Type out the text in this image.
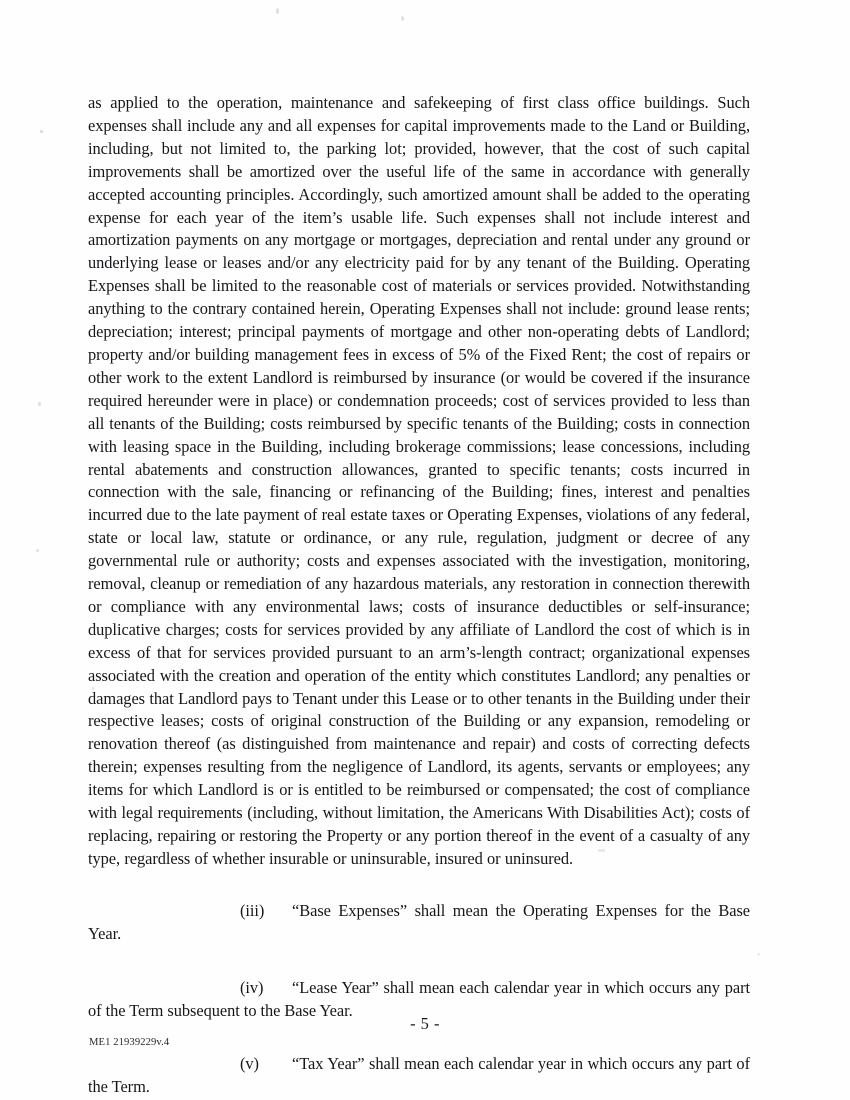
as applied to the operation, maintenance and safekeeping of first class office buildings. Such expenses shall include any and all expenses for capital improvements made to the Land or Building, including, but not limited to, the parking lot; provided, however, that the cost of such capital improvements shall be amortized over the useful life of the same in accordance with generally accepted accounting principles. Accordingly, such amortized amount shall be added to the operating expense for each year of the item’s usable life. Such expenses shall not include interest and amortization payments on any mortgage or mortgages, depreciation and rental under any ground or underlying lease or leases and/or any electricity paid for by any tenant of the Building. Operating Expenses shall be limited to the reasonable cost of materials or services provided. Notwithstanding anything to the contrary contained herein, Operating Expenses shall not include: ground lease rents; depreciation; interest; principal payments of mortgage and other non-operating debts of Landlord; property and/or building management fees in excess of 5% of the Fixed Rent; the cost of repairs or other work to the extent Landlord is reimbursed by insurance (or would be covered if the insurance required hereunder were in place) or condemnation proceeds; cost of services provided to less than all tenants of the Building; costs reimbursed by specific tenants of the Building; costs in connection with leasing space in the Building, including brokerage commissions; lease concessions, including rental abatements and construction allowances, granted to specific tenants; costs incurred in connection with the sale, financing or refinancing of the Building; fines, interest and penalties incurred due to the late payment of real estate taxes or Operating Expenses, violations of any federal, state or local law, statute or ordinance, or any rule, regulation, judgment or decree of any governmental rule or authority; costs and expenses associated with the investigation, monitoring, removal, cleanup or remediation of any hazardous materials, any restoration in connection therewith or compliance with any environmental laws; costs of insurance deductibles or self-insurance; duplicative charges; costs for services provided by any affiliate of Landlord the cost of which is in excess of that for services provided pursuant to an arm’s-length contract; organizational expenses associated with the creation and operation of the entity which constitutes Landlord; any penalties or damages that Landlord pays to Tenant under this Lease or to other tenants in the Building under their respective leases; costs of original construction of the Building or any expansion, remodeling or renovation thereof (as distinguished from maintenance and repair) and costs of correcting defects therein; expenses resulting from the negligence of Landlord, its agents, servants or employees; any items for which Landlord is or is entitled to be reimbursed or compensated; the cost of compliance with legal requirements (including, without limitation, the Americans With Disabilities Act); costs of replacing, repairing or restoring the Property or any portion thereof in the event of a casualty of any type, regardless of whether insurable or uninsurable, insured or uninsured.

(iii) “Base Expenses” shall mean the Operating Expenses for the Base Year.

(iv) “Lease Year” shall mean each calendar year in which occurs any part of the Term subsequent to the Base Year.

(v) “Tax Year” shall mean each calendar year in which occurs any part of the Term.

- 5 -
ME1 21939229v.4
